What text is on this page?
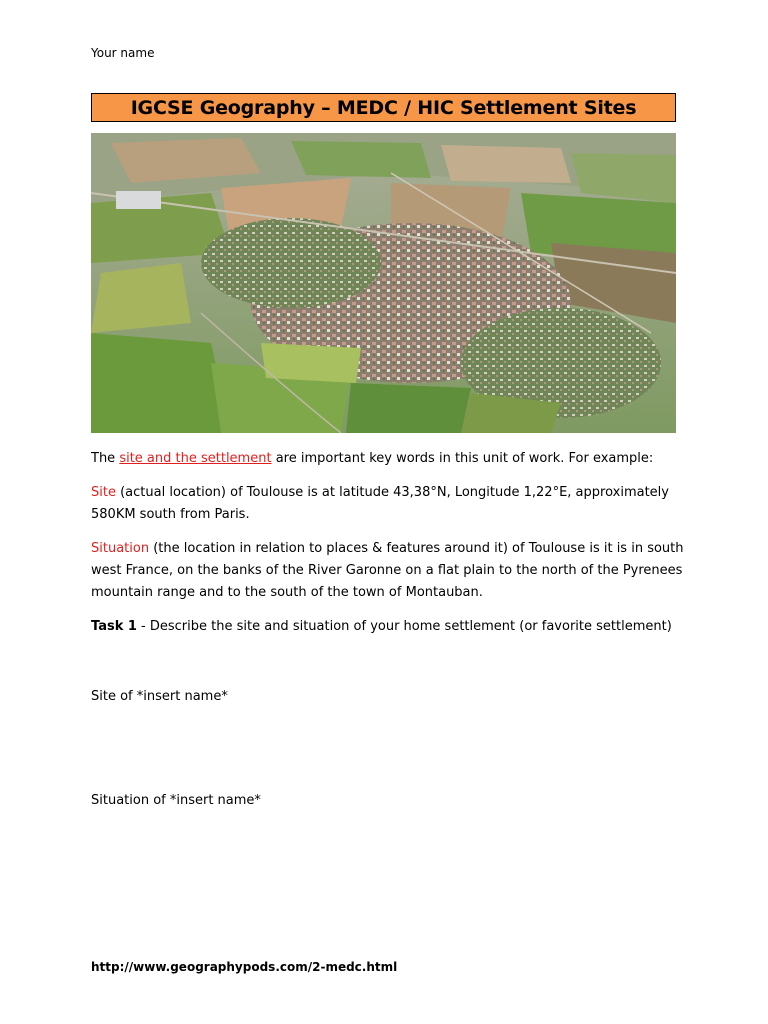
Your name
IGCSE Geography – MEDC / HIC Settlement Sites
The site and the settlement are important key words in this unit of work. For example:
Site (actual location) of Toulouse is at latitude 43,38°N, Longitude 1,22°E, approximately 580KM south from Paris.
Situation (the location in relation to places & features around it) of Toulouse is it is in south west France, on the banks of the River Garonne on a flat plain to the north of the Pyrenees mountain range and to the south of the town of Montauban.
Task 1 - Describe the site and situation of your home settlement (or favorite settlement)
Site of *insert name*
Situation of *insert name*
http://www.geographypods.com/2-medc.html
